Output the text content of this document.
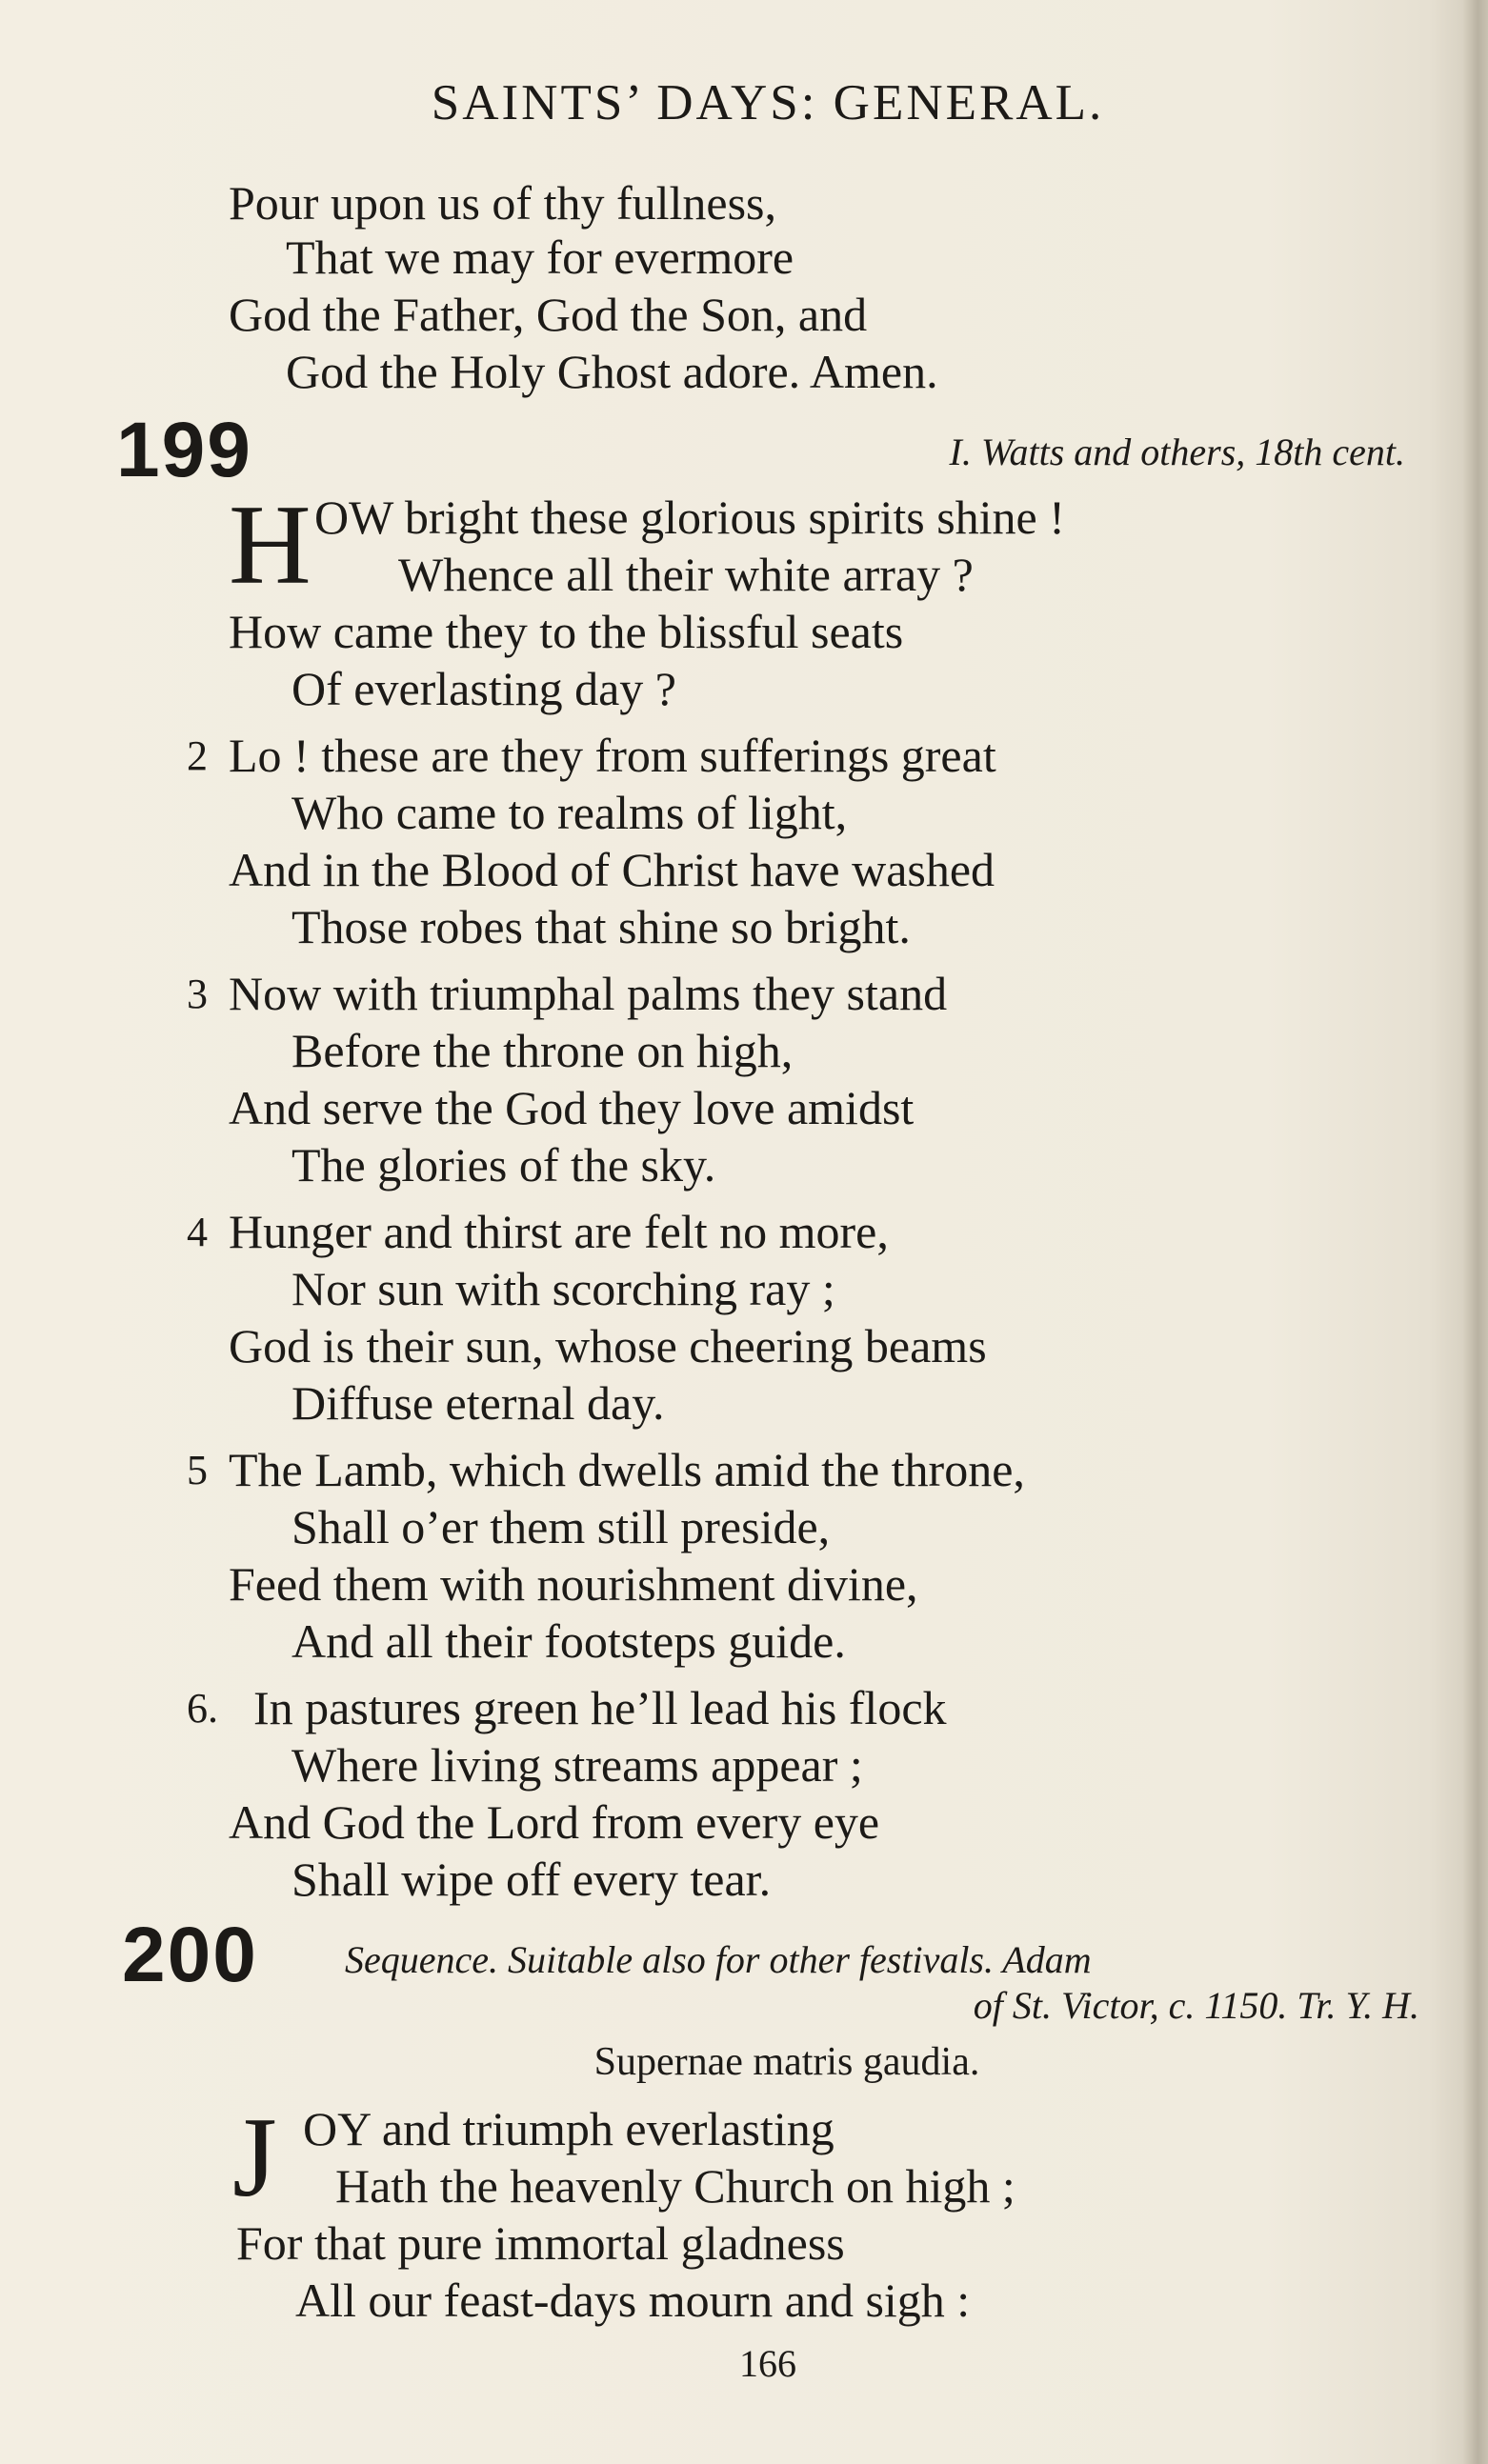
SAINTS’ DAYS: GENERAL.
Pour upon us of thy fullness,
That we may for evermore
God the Father, God the Son, and
God the Holy Ghost adore. Amen.
199	I. Watts and others, 18th cent.
H OW bright these glorious spirits shine !
Whence all their white array ?
How came they to the blissful seats
Of everlasting day ?
2 Lo ! these are they from sufferings great
Who came to realms of light,
And in the Blood of Christ have washed
Those robes that shine so bright.
3 Now with triumphal palms they stand
Before the throne on high,
And serve the God they love amidst
The glories of the sky.
4 Hunger and thirst are felt no more,
Nor sun with scorching ray ;
God is their sun, whose cheering beams
Diffuse eternal day.
5 The Lamb, which dwells amid the throne,
Shall o’er them still preside,
Feed them with nourishment divine,
And all their footsteps guide.
6. In pastures green he’ll lead his flock
Where living streams appear ;
And God the Lord from every eye
Shall wipe off every tear.
200 Sequence. Suitable also for other festivals. Adam
of St. Victor, c. 1150. Tr. Y. H.
Supernae matris gaudia.
J OY and triumph everlasting
Hath the heavenly Church on high ;
For that pure immortal gladness
All our feast-days mourn and sigh :
166
